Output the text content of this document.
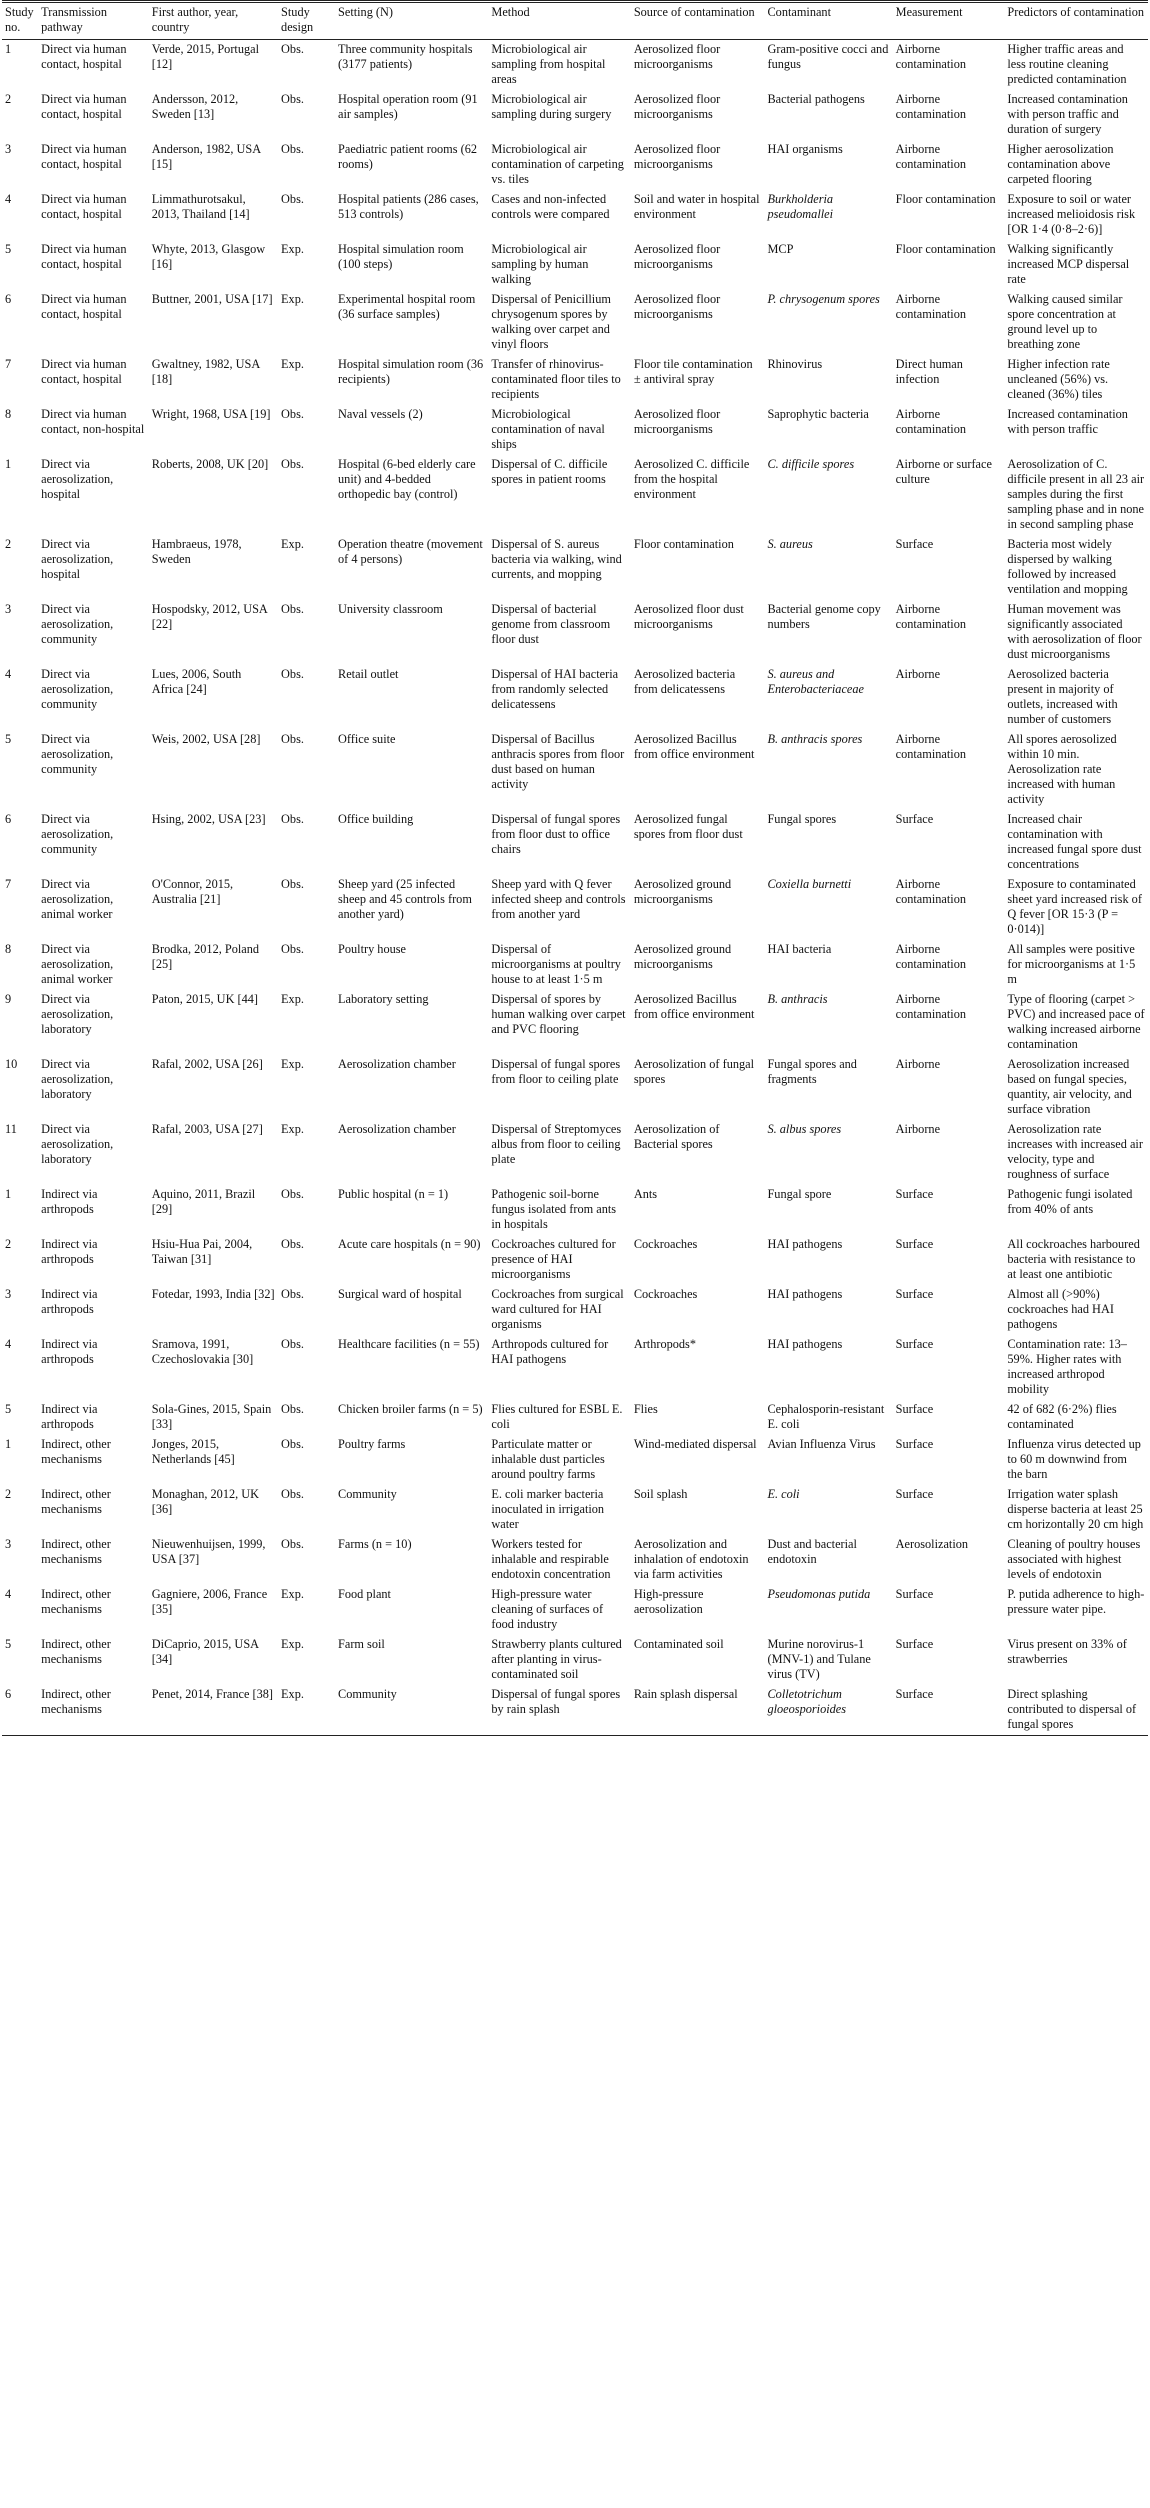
Study no.	Transmission pathway	First author, year, country	Study design	Setting (N)	Method	Source of contamination	Contaminant	Measurement	Predictors of contamination
1	Direct via human contact, hospital	Verde, 2015, Portugal [12]	Obs.	Three community hospitals (3177 patients)	Microbiological air sampling from hospital areas	Aerosolized floor microorganisms	Gram-positive cocci and fungus	Airborne contamination	Higher traffic areas and less routine cleaning predicted contamination
2	Direct via human contact, hospital	Andersson, 2012, Sweden [13]	Obs.	Hospital operation room (91 air samples)	Microbiological air sampling during surgery	Aerosolized floor microorganisms	Bacterial pathogens	Airborne contamination	Increased contamination with person traffic and duration of surgery
3	Direct via human contact, hospital	Anderson, 1982, USA [15]	Obs.	Paediatric patient rooms (62 rooms)	Microbiological air contamination of carpeting vs. tiles	Aerosolized floor microorganisms	HAI organisms	Airborne contamination	Higher aerosolization contamination above carpeted flooring
4	Direct via human contact, hospital	Limmathurotsakul, 2013, Thailand [14]	Obs.	Hospital patients (286 cases, 513 controls)	Cases and non-infected controls were compared	Soil and water in hospital environment	Burkholderia pseudomallei	Floor contamination	Exposure to soil or water increased melioidosis risk [OR 1·4 (0·8–2·6)]
5	Direct via human contact, hospital	Whyte, 2013, Glasgow [16]	Exp.	Hospital simulation room (100 steps)	Microbiological air sampling by human walking	Aerosolized floor microorganisms	MCP	Floor contamination	Walking significantly increased MCP dispersal rate
6	Direct via human contact, hospital	Buttner, 2001, USA [17]	Exp.	Experimental hospital room (36 surface samples)	Dispersal of Penicillium chrysogenum spores by walking over carpet and vinyl floors	Aerosolized floor microorganisms	P. chrysogenum spores	Airborne contamination	Walking caused similar spore concentration at ground level up to breathing zone
7	Direct via human contact, hospital	Gwaltney, 1982, USA [18]	Exp.	Hospital simulation room (36 recipients)	Transfer of rhinovirus-contaminated floor tiles to recipients	Floor tile contamination ± antiviral spray	Rhinovirus	Direct human infection	Higher infection rate uncleaned (56%) vs. cleaned (36%) tiles
8	Direct via human contact, non-hospital	Wright, 1968, USA [19]	Obs.	Naval vessels (2)	Microbiological contamination of naval ships	Aerosolized floor microorganisms	Saprophytic bacteria	Airborne contamination	Increased contamination with person traffic
1	Direct via aerosolization, hospital	Roberts, 2008, UK [20]	Obs.	Hospital (6-bed elderly care unit) and 4-bedded orthopedic bay (control)	Dispersal of C. difficile spores in patient rooms	Aerosolized C. difficile from the hospital environment	C. difficile spores	Airborne or surface culture	Aerosolization of C. difficile present in all 23 air samples during the first sampling phase and in none in second sampling phase
2	Direct via aerosolization, hospital	Hambraeus, 1978, Sweden	Exp.	Operation theatre (movement of 4 persons)	Dispersal of S. aureus bacteria via walking, wind currents, and mopping	Floor contamination	S. aureus	Surface	Bacteria most widely dispersed by walking followed by increased ventilation and mopping
3	Direct via aerosolization, community	Hospodsky, 2012, USA [22]	Obs.	University classroom	Dispersal of bacterial genome from classroom floor dust	Aerosolized floor dust microorganisms	Bacterial genome copy numbers	Airborne contamination	Human movement was significantly associated with aerosolization of floor dust microorganisms
4	Direct via aerosolization, community	Lues, 2006, South Africa [24]	Obs.	Retail outlet	Dispersal of HAI bacteria from randomly selected delicatessens	Aerosolized bacteria from delicatessens	S. aureus and Enterobacteriaceae	Airborne	Aerosolized bacteria present in majority of outlets, increased with number of customers
5	Direct via aerosolization, community	Weis, 2002, USA [28]	Obs.	Office suite	Dispersal of Bacillus anthracis spores from floor dust based on human activity	Aerosolized Bacillus from office environment	B. anthracis spores	Airborne contamination	All spores aerosolized within 10 min. Aerosolization rate increased with human activity
6	Direct via aerosolization, community	Hsing, 2002, USA [23]	Obs.	Office building	Dispersal of fungal spores from floor dust to office chairs	Aerosolized fungal spores from floor dust	Fungal spores	Surface	Increased chair contamination with increased fungal spore dust concentrations
7	Direct via aerosolization, animal worker	O'Connor, 2015, Australia [21]	Obs.	Sheep yard (25 infected sheep and 45 controls from another yard)	Sheep yard with Q fever infected sheep and controls from another yard	Aerosolized ground microorganisms	Coxiella burnetti	Airborne contamination	Exposure to contaminated sheet yard increased risk of Q fever [OR 15·3 (P = 0·014)]
8	Direct via aerosolization, animal worker	Brodka, 2012, Poland [25]	Obs.	Poultry house	Dispersal of microorganisms at poultry house to at least 1·5 m	Aerosolized ground microorganisms	HAI bacteria	Airborne contamination	All samples were positive for microorganisms at 1·5 m
9	Direct via aerosolization, laboratory	Paton, 2015, UK [44]	Exp.	Laboratory setting	Dispersal of spores by human walking over carpet and PVC flooring	Aerosolized Bacillus from office environment	B. anthracis	Airborne contamination	Type of flooring (carpet > PVC) and increased pace of walking increased airborne contamination
10	Direct via aerosolization, laboratory	Rafal, 2002, USA [26]	Exp.	Aerosolization chamber	Dispersal of fungal spores from floor to ceiling plate	Aerosolization of fungal spores	Fungal spores and fragments	Airborne	Aerosolization increased based on fungal species, quantity, air velocity, and surface vibration
11	Direct via aerosolization, laboratory	Rafal, 2003, USA [27]	Exp.	Aerosolization chamber	Dispersal of Streptomyces albus from floor to ceiling plate	Aerosolization of Bacterial spores	S. albus spores	Airborne	Aerosolization rate increases with increased air velocity, type and roughness of surface
1	Indirect via arthropods	Aquino, 2011, Brazil [29]	Obs.	Public hospital (n = 1)	Pathogenic soil-borne fungus isolated from ants in hospitals	Ants	Fungal spore	Surface	Pathogenic fungi isolated from 40% of ants
2	Indirect via arthropods	Hsiu-Hua Pai, 2004, Taiwan [31]	Obs.	Acute care hospitals (n = 90)	Cockroaches cultured for presence of HAI microorganisms	Cockroaches	HAI pathogens	Surface	All cockroaches harboured bacteria with resistance to at least one antibiotic
3	Indirect via arthropods	Fotedar, 1993, India [32]	Obs.	Surgical ward of hospital	Cockroaches from surgical ward cultured for HAI organisms	Cockroaches	HAI pathogens	Surface	Almost all (>90%) cockroaches had HAI pathogens
4	Indirect via arthropods	Sramova, 1991, Czechoslovakia [30]	Obs.	Healthcare facilities (n = 55)	Arthropods cultured for HAI pathogens	Arthropods*	HAI pathogens	Surface	Contamination rate: 13–59%. Higher rates with increased arthropod mobility
5	Indirect via arthropods	Sola-Gines, 2015, Spain [33]	Obs.	Chicken broiler farms (n = 5)	Flies cultured for ESBL E. coli	Flies	Cephalosporin-resistant E. coli	Surface	42 of 682 (6·2%) flies contaminated
1	Indirect, other mechanisms	Jonges, 2015, Netherlands [45]	Obs.	Poultry farms	Particulate matter or inhalable dust particles around poultry farms	Wind-mediated dispersal	Avian Influenza Virus	Surface	Influenza virus detected up to 60 m downwind from the barn
2	Indirect, other mechanisms	Monaghan, 2012, UK [36]	Obs.	Community	E. coli marker bacteria inoculated in irrigation water	Soil splash	E. coli	Surface	Irrigation water splash disperse bacteria at least 25 cm horizontally 20 cm high
3	Indirect, other mechanisms	Nieuwenhuijsen, 1999, USA [37]	Obs.	Farms (n = 10)	Workers tested for inhalable and respirable endotoxin concentration	Aerosolization and inhalation of endotoxin via farm activities	Dust and bacterial endotoxin	Aerosolization	Cleaning of poultry houses associated with highest levels of endotoxin
4	Indirect, other mechanisms	Gagniere, 2006, France [35]	Exp.	Food plant	High-pressure water cleaning of surfaces of food industry	High-pressure aerosolization	Pseudomonas putida	Surface	P. putida adherence to high-pressure water pipe.
5	Indirect, other mechanisms	DiCaprio, 2015, USA [34]	Exp.	Farm soil	Strawberry plants cultured after planting in virus-contaminated soil	Contaminated soil	Murine norovirus-1 (MNV-1) and Tulane virus (TV)	Surface	Virus present on 33% of strawberries
6	Indirect, other mechanisms	Penet, 2014, France [38]	Exp.	Community	Dispersal of fungal spores by rain splash	Rain splash dispersal	Colletotrichum gloeosporioides	Surface	Direct splashing contributed to dispersal of fungal spores
